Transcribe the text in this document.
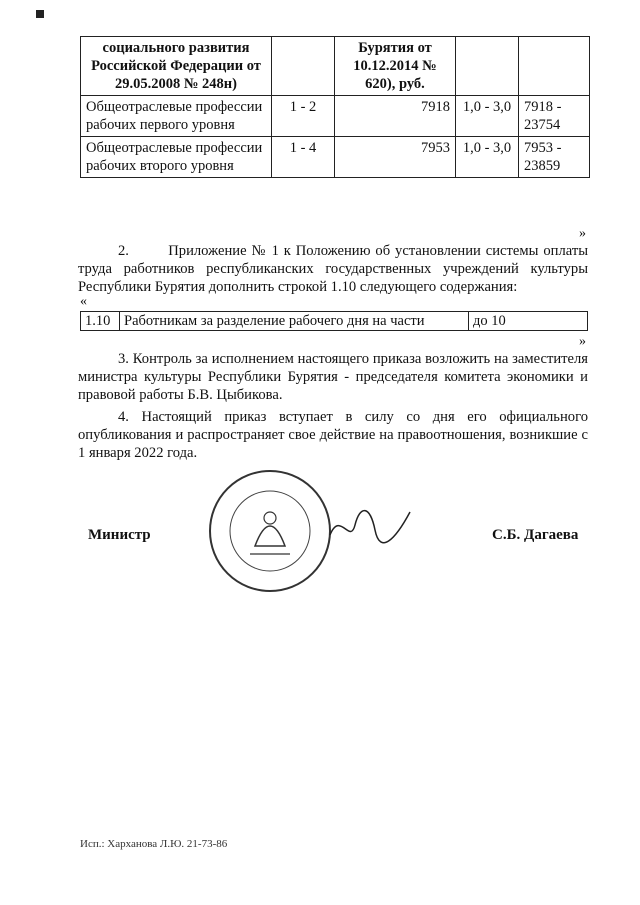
социального развития Российской Федерации от 29.05.2008 № 248н)		Бурятия от 10.12.2014 № 620), руб.		
Общеотраслевые профессии рабочих первого уровня	1 - 2	7918	1,0 - 3,0	7918 - 23754
Общеотраслевые профессии рабочих второго уровня	1 - 4	7953	1,0 - 3,0	7953 - 23859
»
2.	Приложение № 1 к Положению об установлении системы оплаты труда работников республиканских государственных учреждений культуры Республики Бурятия дополнить строкой 1.10 следующего содержания:
«
1.10	Работникам за разделение рабочего дня на части	до 10
»
3. Контроль за исполнением настоящего приказа возложить на заместителя министра культуры Республики Бурятия - председателя комитета экономики и правовой работы Б.В. Цыбикова.
4. Настоящий приказ вступает в силу со дня его официального опубликования и распространяет свое действие на правоотношения, возникшие с 1 января 2022 года.
Министр	С.Б. Дагаева
Исп.: Харханова Л.Ю. 21-73-86
